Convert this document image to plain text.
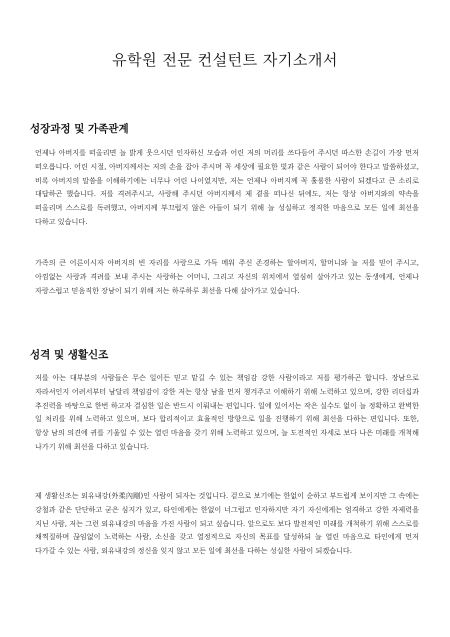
유학원 전문 컨설턴트 자기소개서
성장과정 및 가족관계

언제나 아버지를 떠올리면 늘 밝게 웃으시던 인자하신 모습과 어린 저의 머리를 쓰다듬어 주시던 따스한 손길이 가장 먼저 떠오릅니다. 어린 시절, 아버지께서는 저의 손을 잡아 주시며 꼭 세상에 필요한 빛과 같은 사람이 되어야 한다고 말씀하셨고, 비록 아버지의 말씀을 이해하기에는 너무나 어린 나이였지만, 저는 언제나 아버지께 꼭 훌륭한 사람이 되겠다고 큰 소리로 대답하곤 했습니다. 저를 격려주시고, 사랑해 주시던 아버지께서 제 곁을 떠나신 뒤에도, 저는 항상 아버지와의 약속을 떠올리며 스스로를 독려했고, 아버지께 부끄럽지 않은 아들이 되기 위해 늘 성실하고 정직한 마음으로 모든 일에 최선을 다하고 있습니다.

가족의 큰 어른이시자 아버지의 빈 자리를 사랑으로 가득 메워 주신 존경하는 할아버지, 할머니와 늘 저를 믿어 주시고, 아낌없는 사랑과 격려를 보내 주시는 사랑하는 어머니, 그리고 자신의 위치에서 열심히 살아가고 있는 동생에게, 언제나 자랑스럽고 믿음직한 장남이 되기 위해 저는 하루하루 최선을 다해 살아가고 있습니다.

성격 및 생활신조

저를 아는 대부분의 사람들은 무슨 일이든 믿고 맡길 수 있는 책임감 강한 사람이라고 저를 평가하곤 합니다. 장남으로 자라셔인지 어려서부터 남달리 책임감이 강한 저는 항상 남을 먼저 챙겨주고 이해하기 위해 노력하고 있으며, 강한 리더십과 추진력을 바탕으로 한번 하고자 결심한 일은 반드시 이뤄내는 편입니다. 일에 있어서는 작은 실수도 없이 늘 정확하고 완벽한 일 처리를 위해 노력하고 있으며, 보다 합리적이고 효율적인 방향으로 일을 진행하기 위해 최선을 다하는 편입니다. 또한, 항상 남의 의견에 귀를 기울일 수 있는 열린 마음을 갖기 위해 노력하고 있으며, 늘 도전적인 자세로 보다 나은 미래를 개척해 나가기 위해 최선을 다하고 있습니다.

제 생활신조는 외유내강(外柔內剛)인 사람이 되자는 것입니다. 겉으로 보기에는 한없이 순하고 부드럽게 보이지만 그 속에는 강철과 같은 단단하고 굳은 심지가 있고, 타인에게는 한없이 너그럽고 인자하지만 자기 자신에게는 엄격하고 강한 자제력을 지닌 사람, 저는 그런 외유내강의 마음을 가진 사람이 되고 싶습니다. 앞으로도 보다 발전적인 미래를 개척하기 위해 스스로를 채찍질하며 끊임없이 노력하는 사람, 소신을 갖고 열정적으로 자신의 목표를 달성하되 늘 열린 마음으로 타인에게 먼저 다가갈 수 있는 사람, 외유내강의 정신을 잊지 않고 모든 일에 최선을 다하는 성실한 사람이 되겠습니다.
